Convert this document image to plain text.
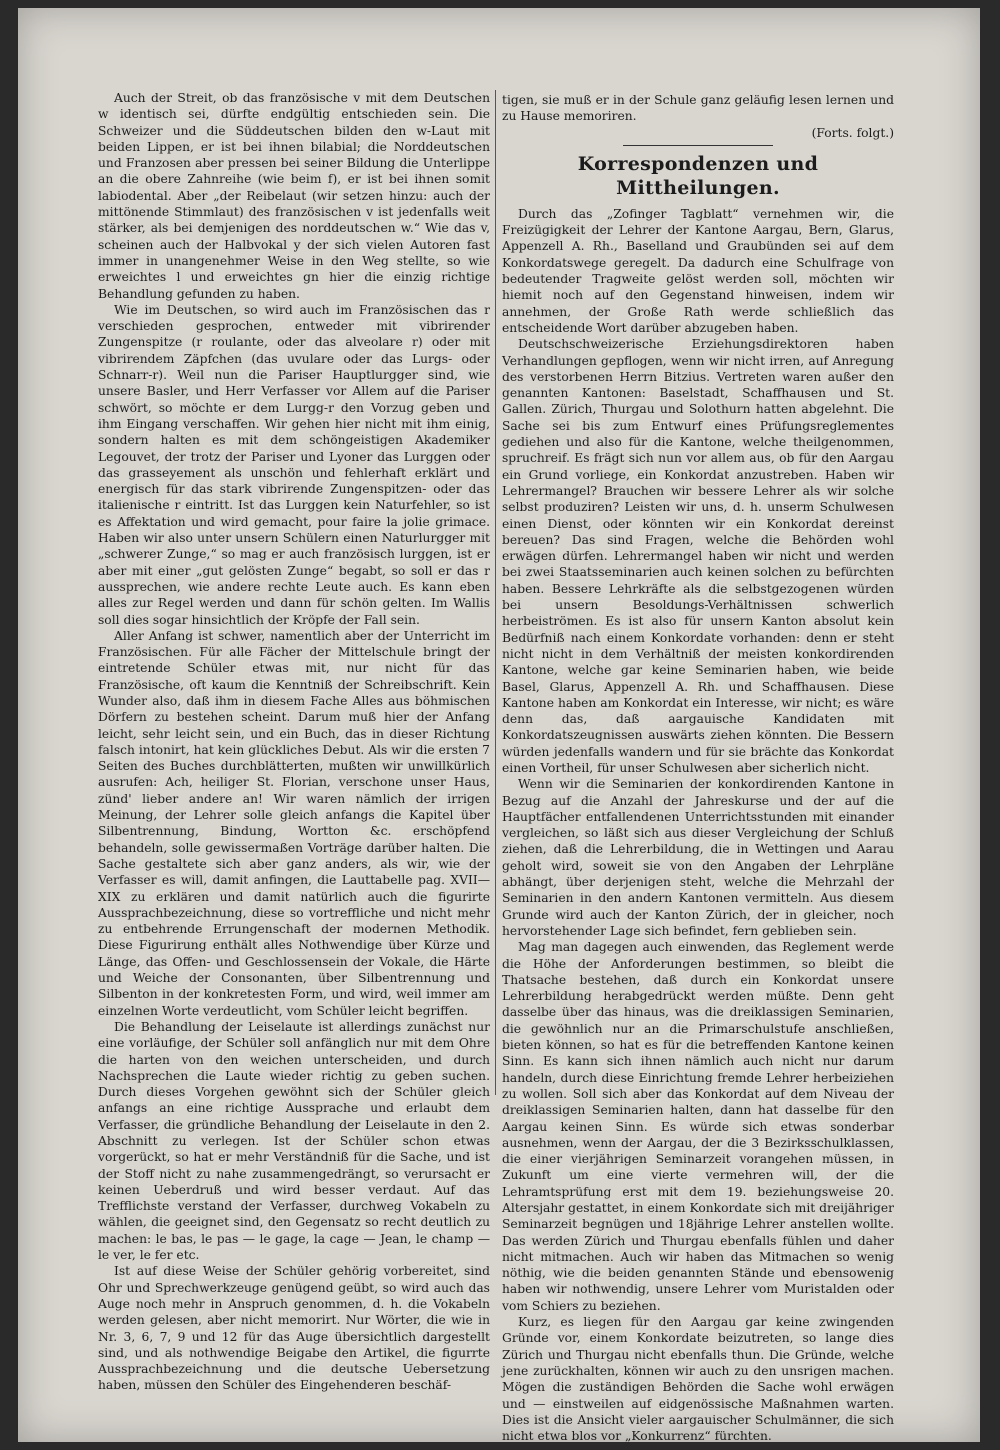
Auch der Streit, ob das französische v mit dem Deutschen w identisch sei, dürfte endgültig entschieden sein. Die Schweizer und die Süddeutschen bilden den w-Laut mit beiden Lippen, er ist bei ihnen bilabial; die Norddeutschen und Franzosen aber pressen bei seiner Bildung die Unterlippe an die obere Zahnreihe (wie beim f), er ist bei ihnen somit labiodental. Aber „der Reibelaut (wir setzen hinzu: auch der mittönende Stimmlaut) des französischen v ist jedenfalls weit stärker, als bei demjenigen des norddeutschen w.“ Wie das v, scheinen auch der Halbvokal y der sich vielen Autoren fast immer in unangenehmer Weise in den Weg stellte, so wie erweichtes l und erweichtes gn hier die einzig richtige Behandlung gefunden zu haben.

Wie im Deutschen, so wird auch im Französischen das r verschieden gesprochen, entweder mit vibrirender Zungenspitze (r roulante, oder das alveolare r) oder mit vibrirendem Zäpfchen (das uvulare oder das Lurgs- oder Schnarr-r). Weil nun die Pariser Hauptlurgger sind, wie unsere Basler, und Herr Verfasser vor Allem auf die Pariser schwört, so möchte er dem Lurgg-r den Vorzug geben und ihm Eingang verschaffen. Wir gehen hier nicht mit ihm einig, sondern halten es mit dem schöngeistigen Akademiker Legouvet, der trotz der Pariser und Lyoner das Lurggen oder das grasseyement als unschön und fehlerhaft erklärt und energisch für das stark vibrirende Zungenspitzen- oder das italienische r eintritt. Ist das Lurggen kein Naturfehler, so ist es Affektation und wird gemacht, pour faire la jolie grimace. Haben wir also unter unsern Schülern einen Naturlurgger mit „schwerer Zunge,“ so mag er auch französisch lurggen, ist er aber mit einer „gut gelösten Zunge“ begabt, so soll er das r aussprechen, wie andere rechte Leute auch. Es kann eben alles zur Regel werden und dann für schön gelten. Im Wallis soll dies sogar hinsichtlich der Kröpfe der Fall sein.

Aller Anfang ist schwer, namentlich aber der Unterricht im Französischen. Für alle Fächer der Mittelschule bringt der eintretende Schüler etwas mit, nur nicht für das Französische, oft kaum die Kenntniß der Schreibschrift. Kein Wunder also, daß ihm in diesem Fache Alles aus böhmischen Dörfern zu bestehen scheint. Darum muß hier der Anfang leicht, sehr leicht sein, und ein Buch, das in dieser Richtung falsch intonirt, hat kein glückliches Debut. Als wir die ersten 7 Seiten des Buches durchblätterten, mußten wir unwillkürlich ausrufen: Ach, heiliger St. Florian, verschone unser Haus, zünd' lieber andere an! Wir waren nämlich der irrigen Meinung, der Lehrer solle gleich anfangs die Kapitel über Silbentrennung, Bindung, Wortton &c. erschöpfend behandeln, solle gewissermaßen Vorträge darüber halten. Die Sache gestaltete sich aber ganz anders, als wir, wie der Verfasser es will, damit anfingen, die Lauttabelle pag. XVII—XIX zu erklären und damit natürlich auch die figurirte Aussprachbezeichnung, diese so vortreffliche und nicht mehr zu entbehrende Errungenschaft der modernen Methodik. Diese Figurirung enthält alles Nothwendige über Kürze und Länge, das Offen- und Geschlossensein der Vokale, die Härte und Weiche der Consonanten, über Silbentrennung und Silbenton in der konkretesten Form, und wird, weil immer am einzelnen Worte verdeutlicht, vom Schüler leicht begriffen.

Die Behandlung der Leiselaute ist allerdings zunächst nur eine vorläufige, der Schüler soll anfänglich nur mit dem Ohre die harten von den weichen unterscheiden, und durch Nachsprechen die Laute wieder richtig zu geben suchen. Durch dieses Vorgehen gewöhnt sich der Schüler gleich anfangs an eine richtige Aussprache und erlaubt dem Verfasser, die gründliche Behandlung der Leiselaute in den 2. Abschnitt zu verlegen. Ist der Schüler schon etwas vorgerückt, so hat er mehr Verständniß für die Sache, und ist der Stoff nicht zu nahe zusammengedrängt, so verursacht er keinen Ueberdruß und wird besser verdaut. Auf das Trefflichste verstand der Verfasser, durchweg Vokabeln zu wählen, die geeignet sind, den Gegensatz so recht deutlich zu machen: le bas, le pas — le gage, la cage — Jean, le champ — le ver, le fer etc.

Ist auf diese Weise der Schüler gehörig vorbereitet, sind Ohr und Sprechwerkzeuge genügend geübt, so wird auch das Auge noch mehr in Anspruch genommen, d. h. die Vokabeln werden gelesen, aber nicht memorirt. Nur Wörter, die wie in Nr. 3, 6, 7, 9 und 12 für das Auge übersichtlich dargestellt sind, und als nothwendige Beigabe den Artikel, die figurrte Aussprachbezeichnung und die deutsche Uebersetzung haben, müssen den Schüler des Eingehenderen beschäf-

tigen, sie muß er in der Schule ganz geläufig lesen lernen und zu Hause memoriren.

(Forts. folgt.)

Korrespondenzen und Mittheilungen.

Durch das „Zofinger Tagblatt“ vernehmen wir, die Freizügigkeit der Lehrer der Kantone Aargau, Bern, Glarus, Appenzell A. Rh., Baselland und Graubünden sei auf dem Konkordatswege geregelt. Da dadurch eine Schulfrage von bedeutender Tragweite gelöst werden soll, möchten wir hiemit noch auf den Gegenstand hinweisen, indem wir annehmen, der Große Rath werde schließlich das entscheidende Wort darüber abzugeben haben.

Deutschschweizerische Erziehungsdirektoren haben Verhandlungen gepflogen, wenn wir nicht irren, auf Anregung des verstorbenen Herrn Bitzius. Vertreten waren außer den genannten Kantonen: Baselstadt, Schaffhausen und St. Gallen. Zürich, Thurgau und Solothurn hatten abgelehnt. Die Sache sei bis zum Entwurf eines Prüfungsreglementes gediehen und also für die Kantone, welche theilgenommen, spruchreif. Es frägt sich nun vor allem aus, ob für den Aargau ein Grund vorliege, ein Konkordat anzustreben. Haben wir Lehrermangel? Brauchen wir bessere Lehrer als wir solche selbst produziren? Leisten wir uns, d. h. unserm Schulwesen einen Dienst, oder könnten wir ein Konkordat dereinst bereuen? Das sind Fragen, welche die Behörden wohl erwägen dürfen. Lehrermangel haben wir nicht und werden bei zwei Staatsseminarien auch keinen solchen zu befürchten haben. Bessere Lehrkräfte als die selbstgezogenen würden bei unsern Besoldungs-Verhältnissen schwerlich herbeiströmen. Es ist also für unsern Kanton absolut kein Bedürfniß nach einem Konkordate vorhanden: denn er steht nicht nicht in dem Verhältniß der meisten konkordirenden Kantone, welche gar keine Seminarien haben, wie beide Basel, Glarus, Appenzell A. Rh. und Schaffhausen. Diese Kantone haben am Konkordat ein Interesse, wir nicht; es wäre denn das, daß aargauische Kandidaten mit Konkordatszeugnissen auswärts ziehen könnten. Die Bessern würden jedenfalls wandern und für sie brächte das Konkordat einen Vortheil, für unser Schulwesen aber sicherlich nicht.

Wenn wir die Seminarien der konkordirenden Kantone in Bezug auf die Anzahl der Jahreskurse und der auf die Hauptfächer entfallendenen Unterrichtsstunden mit einander vergleichen, so läßt sich aus dieser Vergleichung der Schluß ziehen, daß die Lehrerbildung, die in Wettingen und Aarau geholt wird, soweit sie von den Angaben der Lehrpläne abhängt, über derjenigen steht, welche die Mehrzahl der Seminarien in den andern Kantonen vermitteln. Aus diesem Grunde wird auch der Kanton Zürich, der in gleicher, noch hervorstehender Lage sich befindet, fern geblieben sein.

Mag man dagegen auch einwenden, das Reglement werde die Höhe der Anforderungen bestimmen, so bleibt die Thatsache bestehen, daß durch ein Konkordat unsere Lehrerbildung herabgedrückt werden müßte. Denn geht dasselbe über das hinaus, was die dreiklassigen Seminarien, die gewöhnlich nur an die Primarschulstufe anschließen, bieten können, so hat es für die betreffenden Kantone keinen Sinn. Es kann sich ihnen nämlich auch nicht nur darum handeln, durch diese Einrichtung fremde Lehrer herbeiziehen zu wollen. Soll sich aber das Konkordat auf dem Niveau der dreiklassigen Seminarien halten, dann hat dasselbe für den Aargau keinen Sinn. Es würde sich etwas sonderbar ausnehmen, wenn der Aargau, der die 3 Bezirksschulklassen, die einer vierjährigen Seminarzeit vorangehen müssen, in Zukunft um eine vierte vermehren will, der die Lehramtsprüfung erst mit dem 19. beziehungsweise 20. Altersjahr gestattet, in einem Konkordate sich mit dreijähriger Seminarzeit begnügen und 18jährige Lehrer anstellen wollte. Das werden Zürich und Thurgau ebenfalls fühlen und daher nicht mitmachen. Auch wir haben das Mitmachen so wenig nöthig, wie die beiden genannten Stände und ebensowenig haben wir nothwendig, unsere Lehrer vom Muristalden oder vom Schiers zu beziehen.

Kurz, es liegen für den Aargau gar keine zwingenden Gründe vor, einem Konkordate beizutreten, so lange dies Zürich und Thurgau nicht ebenfalls thun. Die Gründe, welche jene zurückhalten, können wir auch zu den unsrigen machen. Mögen die zuständigen Behörden die Sache wohl erwägen und — einstweilen auf eidgenössische Maßnahmen warten. Dies ist die Ansicht vieler aargauischer Schulmänner, die sich nicht etwa blos vor „Konkurrenz“ fürchten.
